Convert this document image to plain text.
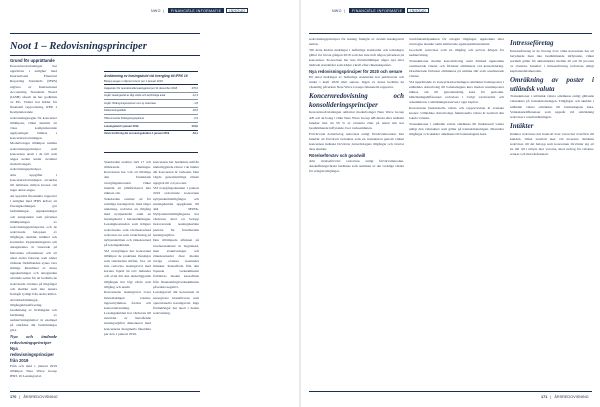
NWO |	FINANCIËLE INFORMATIE	INHOUD
Noot 1 – Redovisningsprinciper
Grund för upprättande

Koncernredovisningen har upprättats i enlighet med International Financial Reporting Standards (IFRS) utgivna av International Accounting Standards Board (IASB) såsom de har godkänts av EU. Vidare har Rådet för finansiell rapportering, RFR 1 Kompletterande redovisningsregler för koncerner tillämpats, vilket innebär att vissa kompletterande upplysningar lämnas i koncernredovisningen. Moderbolaget tillämpar samma redovisningsprinciper som koncernen utom i de fall som anges nedan under avsnittet moderbolagets redovisningsprinciper.

Alla uppgifter i koncernredovisningen avrundas till närmaste miljon kronor om inget annat anges.

Att upprätta finansiella rapporter i enlighet med IFRS kräver att företagsledningen gör bedömningar, uppskattningar och antaganden som påverkar tillämpningen av redovisningsprinciperna och de redovisade beloppen av tillgångar, skulder, intäkter och kostnader. Uppskattningarna och antagandena är baserade på historiska erfarenheter och ett antal andra faktorer som under rådande förhållanden synes vara rimliga. Resultatet av dessa uppskattningar och antaganden används sedan för att bedöma de redovisade värdena på tillgångar och skulder som inte annars framgår tydligt från andra källor.

Avtalsbedömningar, tillgångsklassificering, bestämning av livslängder och beräkning av nedskrivningsbehov är exempel på områden där bedömningar görs.

Nya och ändrade redovisningsprinciper
Nya redovisningsprinciper från 2019

Från och med 1 januari 2019 tillämpar Nere Wave Group IFRS 16 Leasingavtal.

Standarden ersätter IAS 17 och tillhörande tolkningar. Koncernen har valt att tillämpa den förenklade övergångsmetoden vilket innebär att jämförelsetal inte räknats om.

Standarden ersätter att för samtliga leasingavtal, med några undantag, redovisa en tillgång med nyttjanderätt samt en leasingskuld i balansräkningen. Leasingkostnaden som tidigare redovisades som rörelsekostnad redovisas nu som avskrivning på nyttjanderätten och räntekostnad på leasingskulden.

Vid övergången har koncernen tillämpat de praktiska lösningar som standarden tillåter, bl.a. att inte redovisa leasingavtal med kortare löptid än tolv månader och avtal där den underliggande tillgången har lågt värde som tillgång och skuld.

Koncernens leasingavtal avser huvudsakligen lokaler, lagerutrymmen, fordon och kontorsutrustning. Leasingskulden har värderats till nuvärdet av återstående leasingavgifter diskonterat med koncernens marginella låneränta per den 1 januari 2019.

koncernen har beräknats utifrån underliggande räntor i de länder där koncernen är verksam. Den vägda genomsnittliga räntan uppgick till 2,4 procent.

Vid övergångsdatumet 1 januari 2019 redovisade koncernen nyttjanderättstillgångar och leasingskulder uppgående till 444 MSEK. Nyttjanderättstillgångarna har värderats med ett belopp motsvarande leasingskulden justerat för förutbetalda leasingavgifter.

Den tillämpade effekten på rörelseresultatet är begränsad, men avskrivningar och räntekostnader ökar medan övriga externa kostnader minskar. Kassaflöde från den löpande verksamheten förbättras medan kassaflöde från finansieringsverksamheten påverkas negativt.

Leasingavtal där koncernen är leasegivare klassificeras som operationella leasingavtal. Inga förändringar har skett i denna redovisning.

Avstämning av leasingskuld vid övergång till IFRS 16
Belopp anges i miljoner kronor per 1 januari 2019
Åtaganden för operationella leasingavtal per 31 december 2018	476,6
Avgår: leasingavtal av lågt värde och kortfristiga avtal	-12,3
Avgår: förlängningsoptioner som ej redovisas	-1,8
Diskonteringseffekt	-18,5
Tillkommande förlängningsoptioner	-0,9
Leasingskuld 1 januari 2019	444,0
Varav kortfristig del av leasingskulden 1 januari 2019	-64,1
170 | ÅRSREDOVISNING
NWO |	FINANCIËLE INFORMATIE	INHOUD

redovisningsprinciper för leasing framgår av avsnitt leasingavtal nedan.

Till detta ändras ändringar i befintliga standarder och tolkningar gäller för första gången 2019 som har inte haft någon påverkan på koncernen. Koncernen har inte förtidstillämpat några nya eller ändrade standarder som träder i kraft efter räkenskapsåret.

Nya redovisningsprinciper för 2020 och senare

Ett antal ändringar av befintliga standarder har publicerats och träder i kraft 2020 eller senare. Ingen av dessa bedöms ha väsentlig påverkan Nere Wave Groups finansiella rapporter.

Koncernredovisning och konsolideringsprinciper

Koncernredovisningen omfattar moderbolaget Nere Wave Group AB och de bolag i vilka Nere Wave Group AB direkt eller indirekt innehar mer än 50 % av rösterna eller på annat sätt har bestämmande inflytande över verksamheten.

Förvärvade dotterbolag redovisas enligt förvärvsmetoden. Det innebär att förvärvet betraktas som en transaktion genom vilken koncernen indirekt förvärvar dotterbolagets tillgångar och övertar dess skulder.

Rörelseförvärv och goodwill

Alla rörelseförvärv redovisas enligt förvärvsmetoden. Anskaffningsvärdet beräknas som summan av det verkliga värdet för erlagda tillgångar.

överlåtelsetidpunkten för erlagda tillgångar, uppkomna eller övertagna skulder samt emitterade egetkapitalinstrument.

Goodwill redovisas som en tillgång och prövas årligen för nedskrivning.

Transaktioner mellan koncernbolag samt därmed uppkomna orealiserade vinster och förluster elimineras vid konsolidering. Orealiserade förluster elimineras på samma sätt som orealiserade vinster.

Vid upprättande av koncernredovisningen omräknas balansposter i utländska dotterbolag till balansdagens kurs medan resultatposter räknas om till genomsnittlig kurs för perioden. Omräkningsdifferenser redovisas i övrigt totalresultat och ackumuleras i omräkningsreserven i eget kapital.

Koncernens funktionella valuta och rapportvaluta är svenska kronor. Utländska dotterbolags funktionella valuta är normalt den lokala valutan.

Transaktioner i utländsk valuta omräknas till funktionell valuta enligt den valutakurs som gäller på transaktionsdagen. Monetära tillgångar och skulder omräknas till balansdagens kurs.

Intresseföretag

Intresseföretag är de företag över vilka koncernen har ett betydande men inte bestämmande inflytande, vilket normalt gäller för aktieinnehav mellan 20 och 50 procent av rösterna. Innehav i intresseföretag redovisas enligt kapitalandelsmetoden.

Omräkning av poster i utländsk valuta

Transaktioner i utländsk valuta omräknas enligt gällande valutakurs på transaktionsdagen. Tillgångar och skulder i utländsk valuta omräknas till balansdagens kurs. Valutakursdifferenser som uppstår vid omräkning redovisas i resultaträkningen.

Intäkter

Intäkter redovisas när kontroll över varan har överförts till kunden, vilket normalt sker vid leverans. Intäkten redovisas till det belopp som koncernen förväntar sig att ha rätt till i utbyte mot varorna, med avdrag för rabatter, returer och mervärdesskatt.

171 | ÅRSREDOVISNING
